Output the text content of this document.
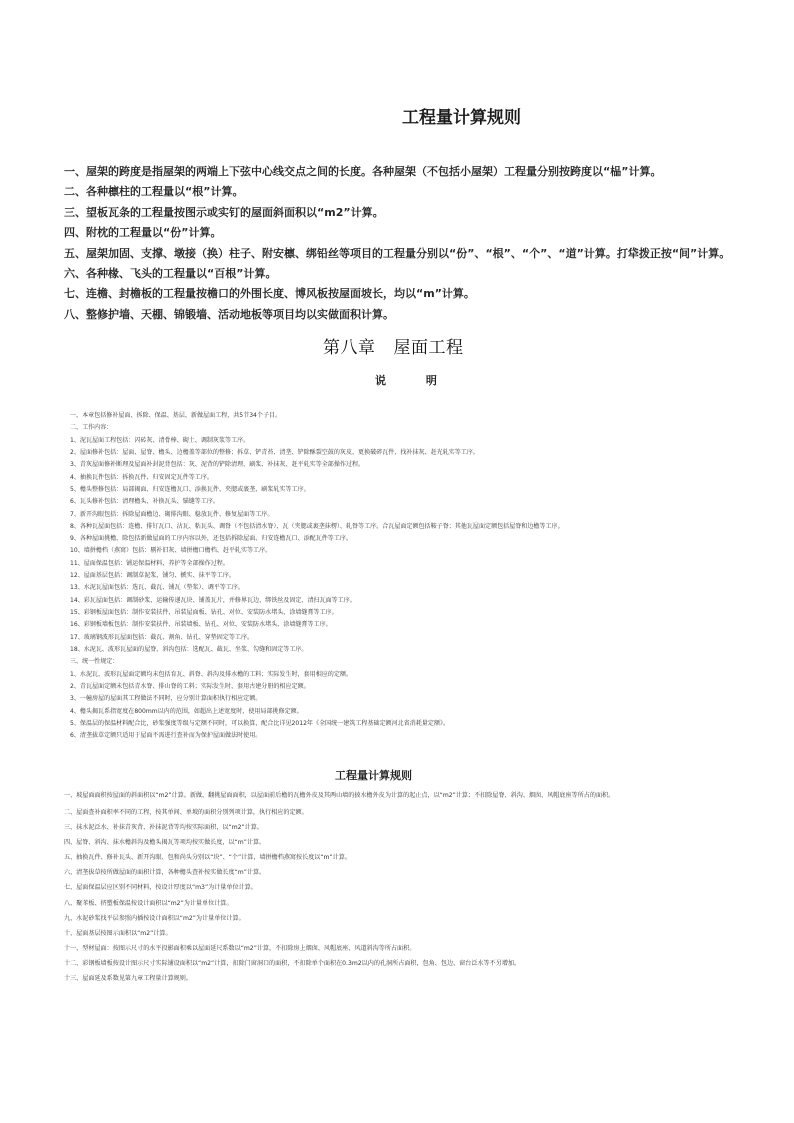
工程量计算规则
一、屋架的跨度是指屋架的两端上下弦中心线交点之间的长度。各种屋架（不包括小屋架）工程量分别按跨度以“榀”计算。
二、各种檩柱的工程量以“根”计算。
三、望板瓦条的工程量按图示或实钉的屋面斜面积以“m2”计算。
四、附枕的工程量以“份”计算。
五、屋架加固、支撑、墩接（换）柱子、附安檩、绑铅丝等项目的工程量分别以“份”、“根”、“个”、“道”计算。打牮拨正按“间”计算。
六、各种椽、飞头的工程量以“百根”计算。
七、连檐、封檐板的工程量按檐口的外围长度、博风板按屋面坡长，均以“m”计算。
八、整修护墙、天棚、锦锻墙、活动地板等项目均以实做面积计算。
第八章 屋面工程
说 明
一、本章包括修补屋面、拆除、保温、基层、新做屋面工程，共5节34个子目。
二、工作内容：
1、泥瓦屋面工程包括：闪砖灰、清骨棒、砌土、调制灰浆等工序。
2、屋面修补包括：屋面、屋脊、檐头、边檐盖等部位的整修；拆草、铲青苔、清垄、铲除酥裂空鼓的灰皮、更换破碎瓦件、找补抹灰、赶光轧实等工序。
3、青灰屋面修补断理及屋面补封泥背包括：灰、泥背的铲除清理、刷浆、补抹灰、赶平轧实等全部操作过程。
4、抽换瓦件包括：拆换瓦件、归安固定瓦件等工序。
5、檐头整修包括：局部揭面、归安连檐瓦口、添换瓦件、夹腮或裹垄、刷浆轧实等工序。
6、瓦头修补包括：清理檐头、补换瓦头、锚缝等工序。
7、新开沟眼包括：拆除屋面檐边、砌排沟眼、稳放瓦件、修复屋面等工序。
8、各种瓦屋面包括：连檐、排钉瓦口、沾瓦、粘瓦头、调脊（不包括清水脊）、瓦（夹腮或裹垄抹楞）、轧脊等工序。合瓦屋面定额包括鞍子脊；其他瓦屋面定额包括屋脊和边檐等工序。
9、各种屋面挑檐，除包括新做屋面的工序内容以外，还包括拆除屋面、归安连檐瓦口、添配瓦件等工序。
10、墙拼檐档（燕窝）包括：剔补旧灰、墙拼檐口檐档、赶平轧实等工序。
11、屋面保温包括：铺运保温材料、养护等全部操作过程。
12、屋面基层包括：调制草泥浆、铺匀、搋实、抹平等工序。
13、水泥瓦屋面包括：选瓦、截瓦、铺瓦（垫浆）、调平等工序。
14、彩瓦屋面包括：调制砂浆、运输传递瓦块、铺盖瓦片，并修界瓦边、绑铁丝及固定、清扫瓦面等工序。
15、彩钢板屋面包括：制作安装扶件、吊装屋面板、钻孔、对位、安装防水堵头、涂墙缝膏等工序。
16、彩钢板墙板包括：制作安装扶件、吊装墙板、钻孔、对位、安装防水堵头、涂墙缝膏等工序。
17、玻璃钢波形瓦屋面包括：截瓦、割角、钻孔、穿垫固定等工序。
18、水泥瓦、波形瓦屋面的屋脊、斜沟包括：选配瓦、截瓦、坐浆、勾缝和固定等工序。
三、统一性规定：
1、水泥瓦、波形瓦屋面定额均未包括育瓦、斜脊、斜沟及排水檐的工料；实际发生时，套用相应的定额。
2、青瓦屋面定额未包括青水脊、排山脊的工料；实际发生时，套用古建分册的相应定额。
3、一幢房屋的屋面其工程做法不同时，应分别计算面积执行相应定额。
4、檐头揭瓦系指宽度在800mm以内的范围，如超出上述宽度时，使用局部挑修定额。
5、保温层的保温材料配合比，砂浆强度等级与定额不同时，可以换算，配合比详见2012年《全国统一建筑工程基础定额河北省消耗量定额》。
6、清垄拔草定额只适用于屋面不需进行查补而为保护屋面做法时使用。
工程量计算规则
一、坡屋面面积按屋面的斜面积以“m2”计算。新做、翻挑屋面面积，以屋面前后檐的瓦檐外皮及其两山墙的披水檐外皮为计算的起止点，以“m2”计算；不扣除屋脊、斜沟、烟囱、风帽底座等所占的面积。
二、屋面查补面积率不同的工程，按其单间、单坡的面积分别列项计算，执行相应的定额。
三、抹水泥泛水、补抹青灰背、补抹泥背等均按实际面积，以“m2”计算。
四、屋脊、斜沟、抹水檐斜沟及檐头揭瓦等项均按实做长度，以“m”计算。
五、抽换瓦件、修补瓦头、新开沟眼、包和尚头分别以“块”、“个”计算，墙拼檐档燕窝按长度以“m”计算。
六、清垄拔草按所做屋面的面积计算，各种檐头查补按实做长度“m”计算。
七、屋面保温层应区别不同材料，按设计厚度以“m3”为计量单位计算。
八、聚苯板、挤塑板保温按设计面积以“m2”为计量单位计算。
九、水泥砂浆找平层参照内插按设计面积以“m2”为计量单位计算。
十、屋面基层按图示面积以“m2”计算。
十一、型材屋面：按图示尺寸的水平投影面积乘以屋面延尺系数以“m2”计算，不扣除房上烟囱、风帽底座、风道斜沟等所占面积。
十二、彩钢板墙板按设计图示尺寸实际铺设面积以“m2”计算，扣除门窗洞口的面积，不扣除单个面积在0.3m2以内的孔洞所占面积，包角、包边、窗台泛水等不另增加。
十三、屋面延及系数见第九章工程量计算规则。
